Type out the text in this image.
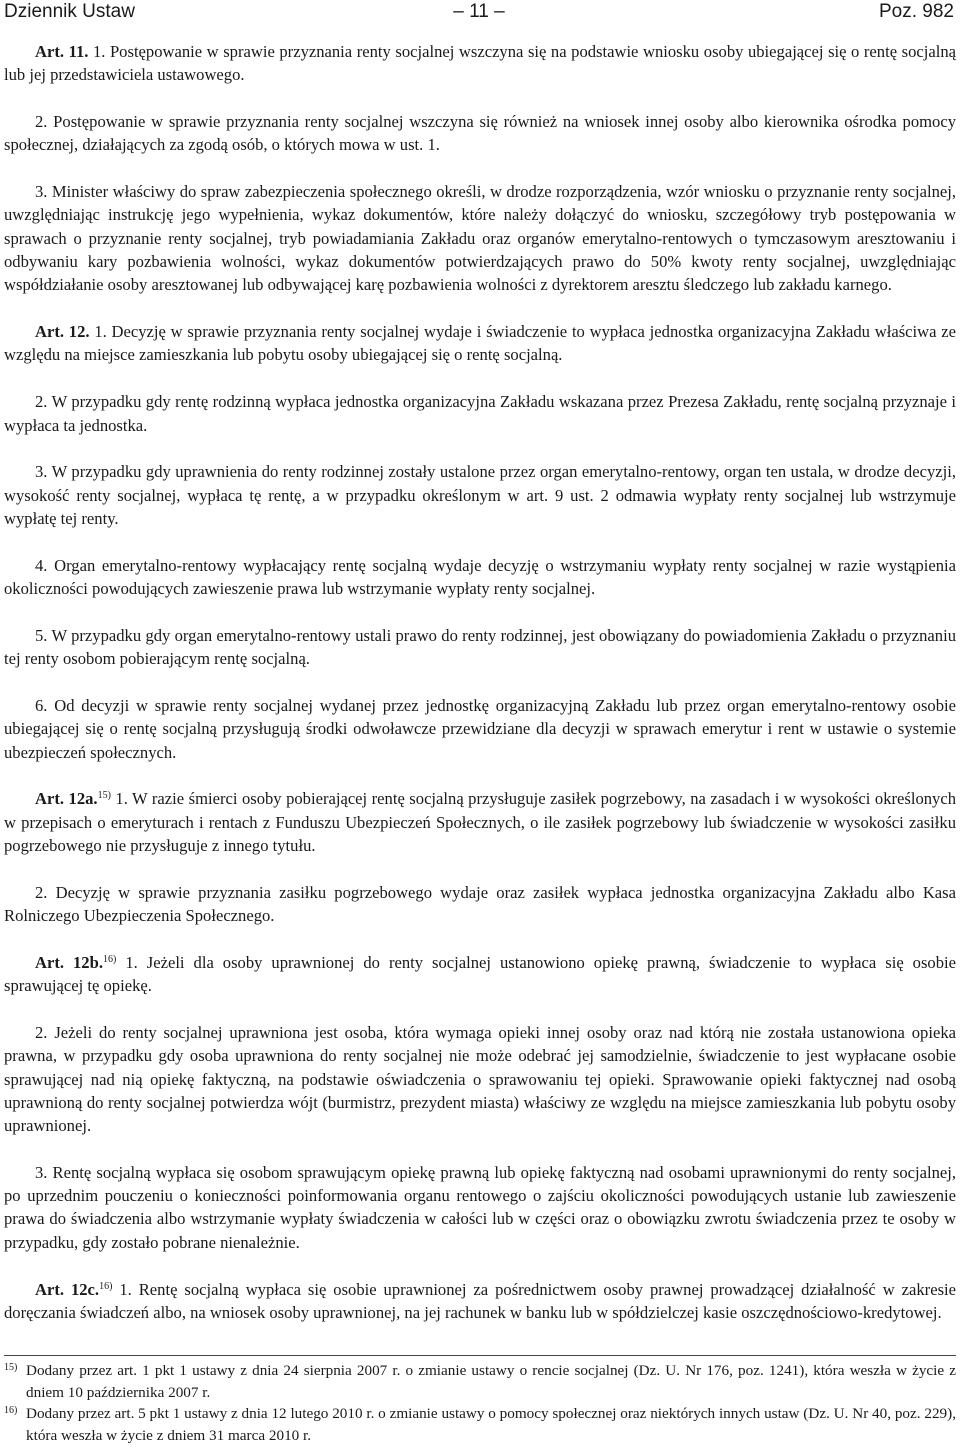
Dziennik Ustaw	– 11 –	Poz. 982

Art. 11. 1. Postępowanie w sprawie przyznania renty socjalnej wszczyna się na podstawie wniosku osoby ubiegającej się o rentę socjalną lub jej przedstawiciela ustawowego.

2. Postępowanie w sprawie przyznania renty socjalnej wszczyna się również na wniosek innej osoby albo kierownika ośrodka pomocy społecznej, działających za zgodą osób, o których mowa w ust. 1.

3. Minister właściwy do spraw zabezpieczenia społecznego określi, w drodze rozporządzenia, wzór wniosku o przyznanie renty socjalnej, uwzględniając instrukcję jego wypełnienia, wykaz dokumentów, które należy dołączyć do wniosku, szczegółowy tryb postępowania w sprawach o przyznanie renty socjalnej, tryb powiadamiania Zakładu oraz organów emerytalno-rentowych o tymczasowym aresztowaniu i odbywaniu kary pozbawienia wolności, wykaz dokumentów potwierdzających prawo do 50% kwoty renty socjalnej, uwzględniając współdziałanie osoby aresztowanej lub odbywającej karę pozbawienia wolności z dyrektorem aresztu śledczego lub zakładu karnego.

Art. 12. 1. Decyzję w sprawie przyznania renty socjalnej wydaje i świadczenie to wypłaca jednostka organizacyjna Zakładu właściwa ze względu na miejsce zamieszkania lub pobytu osoby ubiegającej się o rentę socjalną.

2. W przypadku gdy rentę rodzinną wypłaca jednostka organizacyjna Zakładu wskazana przez Prezesa Zakładu, rentę socjalną przyznaje i wypłaca ta jednostka.

3. W przypadku gdy uprawnienia do renty rodzinnej zostały ustalone przez organ emerytalno-rentowy, organ ten ustala, w drodze decyzji, wysokość renty socjalnej, wypłaca tę rentę, a w przypadku określonym w art. 9 ust. 2 odmawia wypłaty renty socjalnej lub wstrzymuje wypłatę tej renty.

4. Organ emerytalno-rentowy wypłacający rentę socjalną wydaje decyzję o wstrzymaniu wypłaty renty socjalnej w razie wystąpienia okoliczności powodujących zawieszenie prawa lub wstrzymanie wypłaty renty socjalnej.

5. W przypadku gdy organ emerytalno-rentowy ustali prawo do renty rodzinnej, jest obowiązany do powiadomienia Zakładu o przyznaniu tej renty osobom pobierającym rentę socjalną.

6. Od decyzji w sprawie renty socjalnej wydanej przez jednostkę organizacyjną Zakładu lub przez organ emerytalno-rentowy osobie ubiegającej się o rentę socjalną przysługują środki odwoławcze przewidziane dla decyzji w sprawach emerytur i rent w ustawie o systemie ubezpieczeń społecznych.

Art. 12a.$^{15)}$ 1. W razie śmierci osoby pobierającej rentę socjalną przysługuje zasiłek pogrzebowy, na zasadach i w wysokości określonych w przepisach o emeryturach i rentach z Funduszu Ubezpieczeń Społecznych, o ile zasiłek pogrzebowy lub świadczenie w wysokości zasiłku pogrzebowego nie przysługuje z innego tytułu.

2. Decyzję w sprawie przyznania zasiłku pogrzebowego wydaje oraz zasiłek wypłaca jednostka organizacyjna Zakładu albo Kasa Rolniczego Ubezpieczenia Społecznego.

Art. 12b.$^{16)}$ 1. Jeżeli dla osoby uprawnionej do renty socjalnej ustanowiono opiekę prawną, świadczenie to wypłaca się osobie sprawującej tę opiekę.

2. Jeżeli do renty socjalnej uprawniona jest osoba, która wymaga opieki innej osoby oraz nad którą nie została ustanowiona opieka prawna, w przypadku gdy osoba uprawniona do renty socjalnej nie może odebrać jej samodzielnie, świadczenie to jest wypłacane osobie sprawującej nad nią opiekę faktyczną, na podstawie oświadczenia o sprawowaniu tej opieki. Sprawowanie opieki faktycznej nad osobą uprawnioną do renty socjalnej potwierdza wójt (burmistrz, prezydent miasta) właściwy ze względu na miejsce zamieszkania lub pobytu osoby uprawnionej.

3. Rentę socjalną wypłaca się osobom sprawującym opiekę prawną lub opiekę faktyczną nad osobami uprawnionymi do renty socjalnej, po uprzednim pouczeniu o konieczności poinformowania organu rentowego o zajściu okoliczności powodujących ustanie lub zawieszenie prawa do świadczenia albo wstrzymanie wypłaty świadczenia w całości lub w części oraz o obowiązku zwrotu świadczenia przez te osoby w przypadku, gdy zostało pobrane nienależnie.

Art. 12c.$^{16)}$ 1. Rentę socjalną wypłaca się osobie uprawnionej za pośrednictwem osoby prawnej prowadzącej działalność w zakresie doręczania świadczeń albo, na wniosek osoby uprawnionej, na jej rachunek w banku lub w spółdzielczej kasie oszczędnościowo-kredytowej.

15) Dodany przez art. 1 pkt 1 ustawy z dnia 24 sierpnia 2007 r. o zmianie ustawy o rencie socjalnej (Dz. U. Nr 176, poz. 1241), która weszła w życie z dniem 10 października 2007 r.

16) Dodany przez art. 5 pkt 1 ustawy z dnia 12 lutego 2010 r. o zmianie ustawy o pomocy społecznej oraz niektórych innych ustaw (Dz. U. Nr 40, poz. 229), która weszła w życie z dniem 31 marca 2010 r.
